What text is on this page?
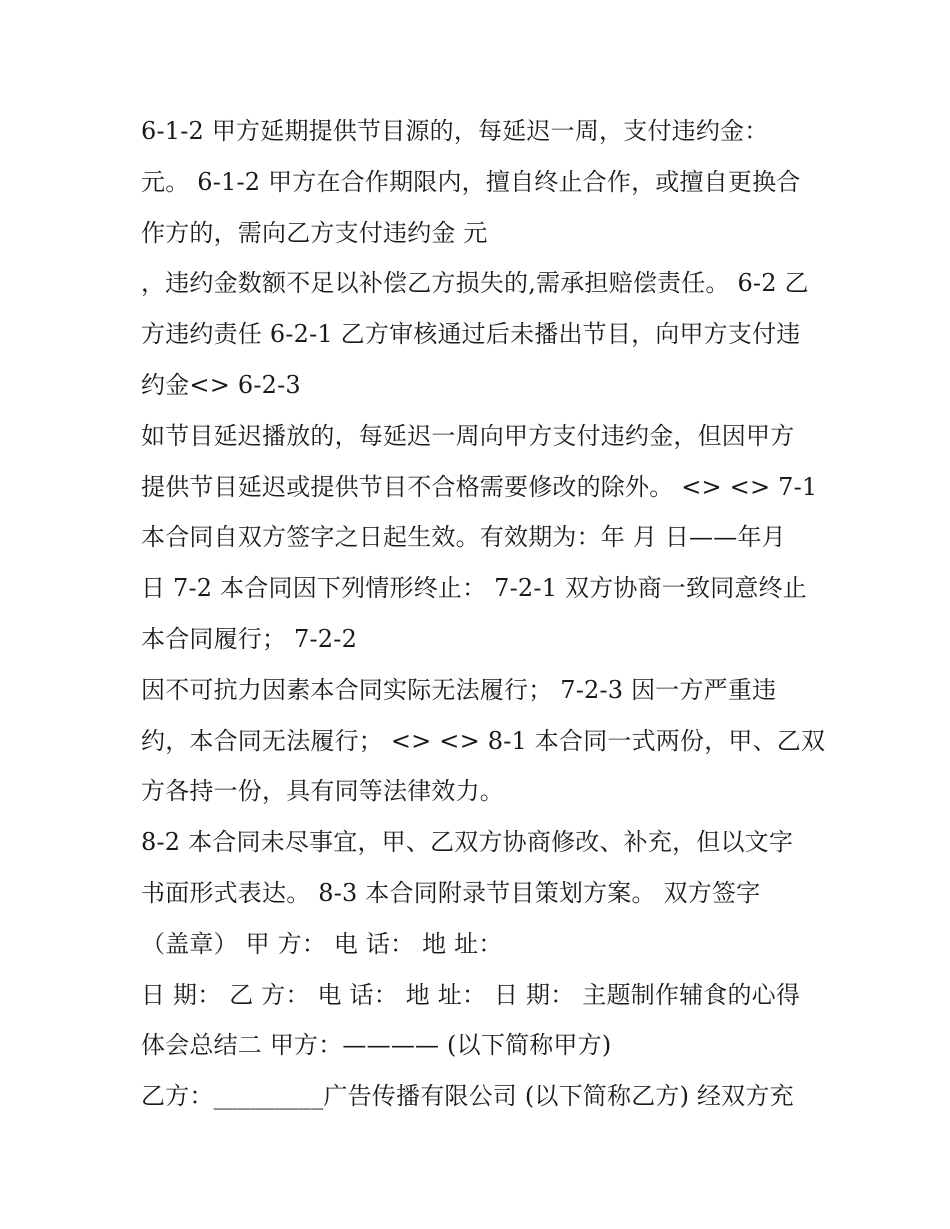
6-1-2 甲方延期提供节目源的，每延迟一周，支付违约金：
元。 6-1-2 甲方在合作期限内，擅自终止合作，或擅自更换合
作方的，需向乙方支付违约金 元
，违约金数额不足以补偿乙方损失的,需承担赔偿责任。 6-2 乙
方违约责任 6-2-1 乙方审核通过后未播出节目，向甲方支付违
约金<> 6-2-3
如节目延迟播放的，每延迟一周向甲方支付违约金，但因甲方
提供节目延迟或提供节目不合格需要修改的除外。 <> <> 7-1
本合同自双方签字之日起生效。有效期为：年 月 日——年月
日 7-2 本合同因下列情形终止： 7-2-1 双方协商一致同意终止
本合同履行； 7-2-2
因不可抗力因素本合同实际无法履行； 7-2-3 因一方严重违
约，本合同无法履行； <> <> 8-1 本合同一式两份，甲、乙双
方各持一份，具有同等法律效力。
8-2 本合同未尽事宜，甲、乙双方协商修改、补充，但以文字
书面形式表达。 8-3 本合同附录节目策划方案。 双方签字
（盖章） 甲 方： 电 话： 地 址：
日 期： 乙 方： 电 话： 地 址： 日 期： 主题制作辅食的心得
体会总结二 甲方：———— (以下简称甲方)
乙方：_________广告传播有限公司 (以下简称乙方) 经双方充
